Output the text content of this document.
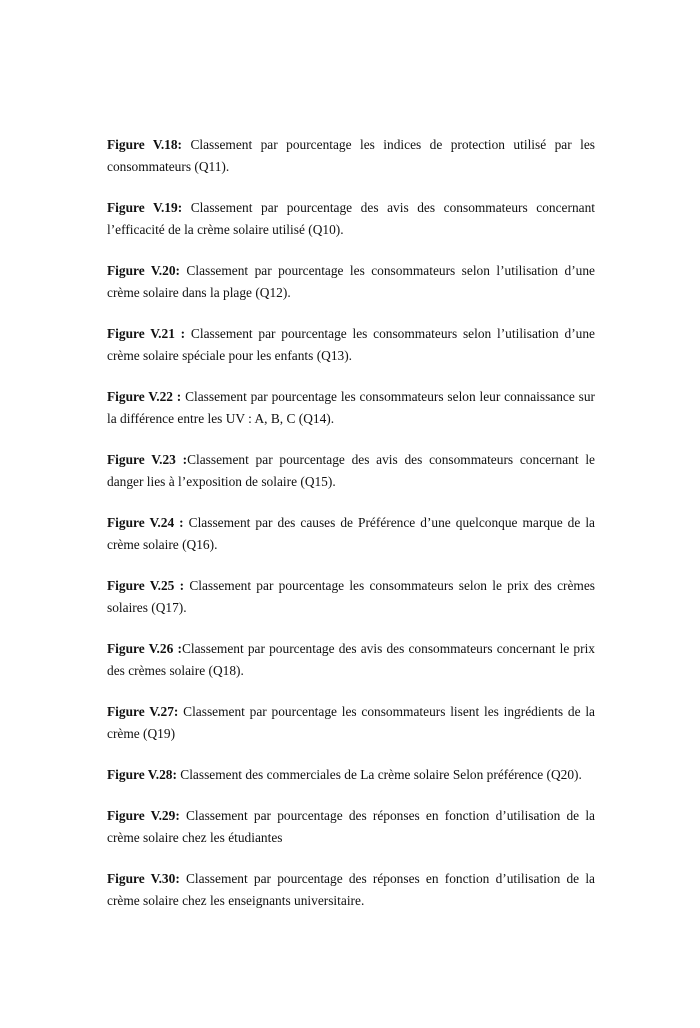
Figure V.18: Classement par pourcentage les indices de protection utilisé par les consommateurs (Q11).

Figure V.19: Classement par pourcentage des avis des consommateurs concernant l’efficacité de la crème solaire utilisé (Q10).

Figure V.20: Classement par pourcentage les consommateurs selon l’utilisation d’une crème solaire dans la plage (Q12).

Figure V.21 : Classement par pourcentage les consommateurs selon l’utilisation d’une crème solaire spéciale pour les enfants (Q13).

Figure V.22 : Classement par pourcentage les consommateurs selon leur connaissance sur la différence entre les UV : A, B, C (Q14).

Figure V.23 :Classement par pourcentage des avis des consommateurs concernant le danger lies à l’exposition de solaire (Q15).

Figure V.24 : Classement par des causes de Préférence d’une quelconque marque de la crème solaire (Q16).

Figure V.25 : Classement par pourcentage les consommateurs selon le prix des crèmes solaires (Q17).

Figure V.26 :Classement par pourcentage des avis des consommateurs concernant le prix des crèmes solaire (Q18).

Figure V.27: Classement par pourcentage les consommateurs lisent les ingrédients de la crème (Q19)

Figure V.28: Classement des commerciales de La crème solaire Selon préférence (Q20).

Figure V.29: Classement par pourcentage des réponses en fonction d’utilisation de la crème solaire chez les étudiantes

Figure V.30: Classement par pourcentage des réponses en fonction d’utilisation de la crème solaire chez les enseignants universitaire.
